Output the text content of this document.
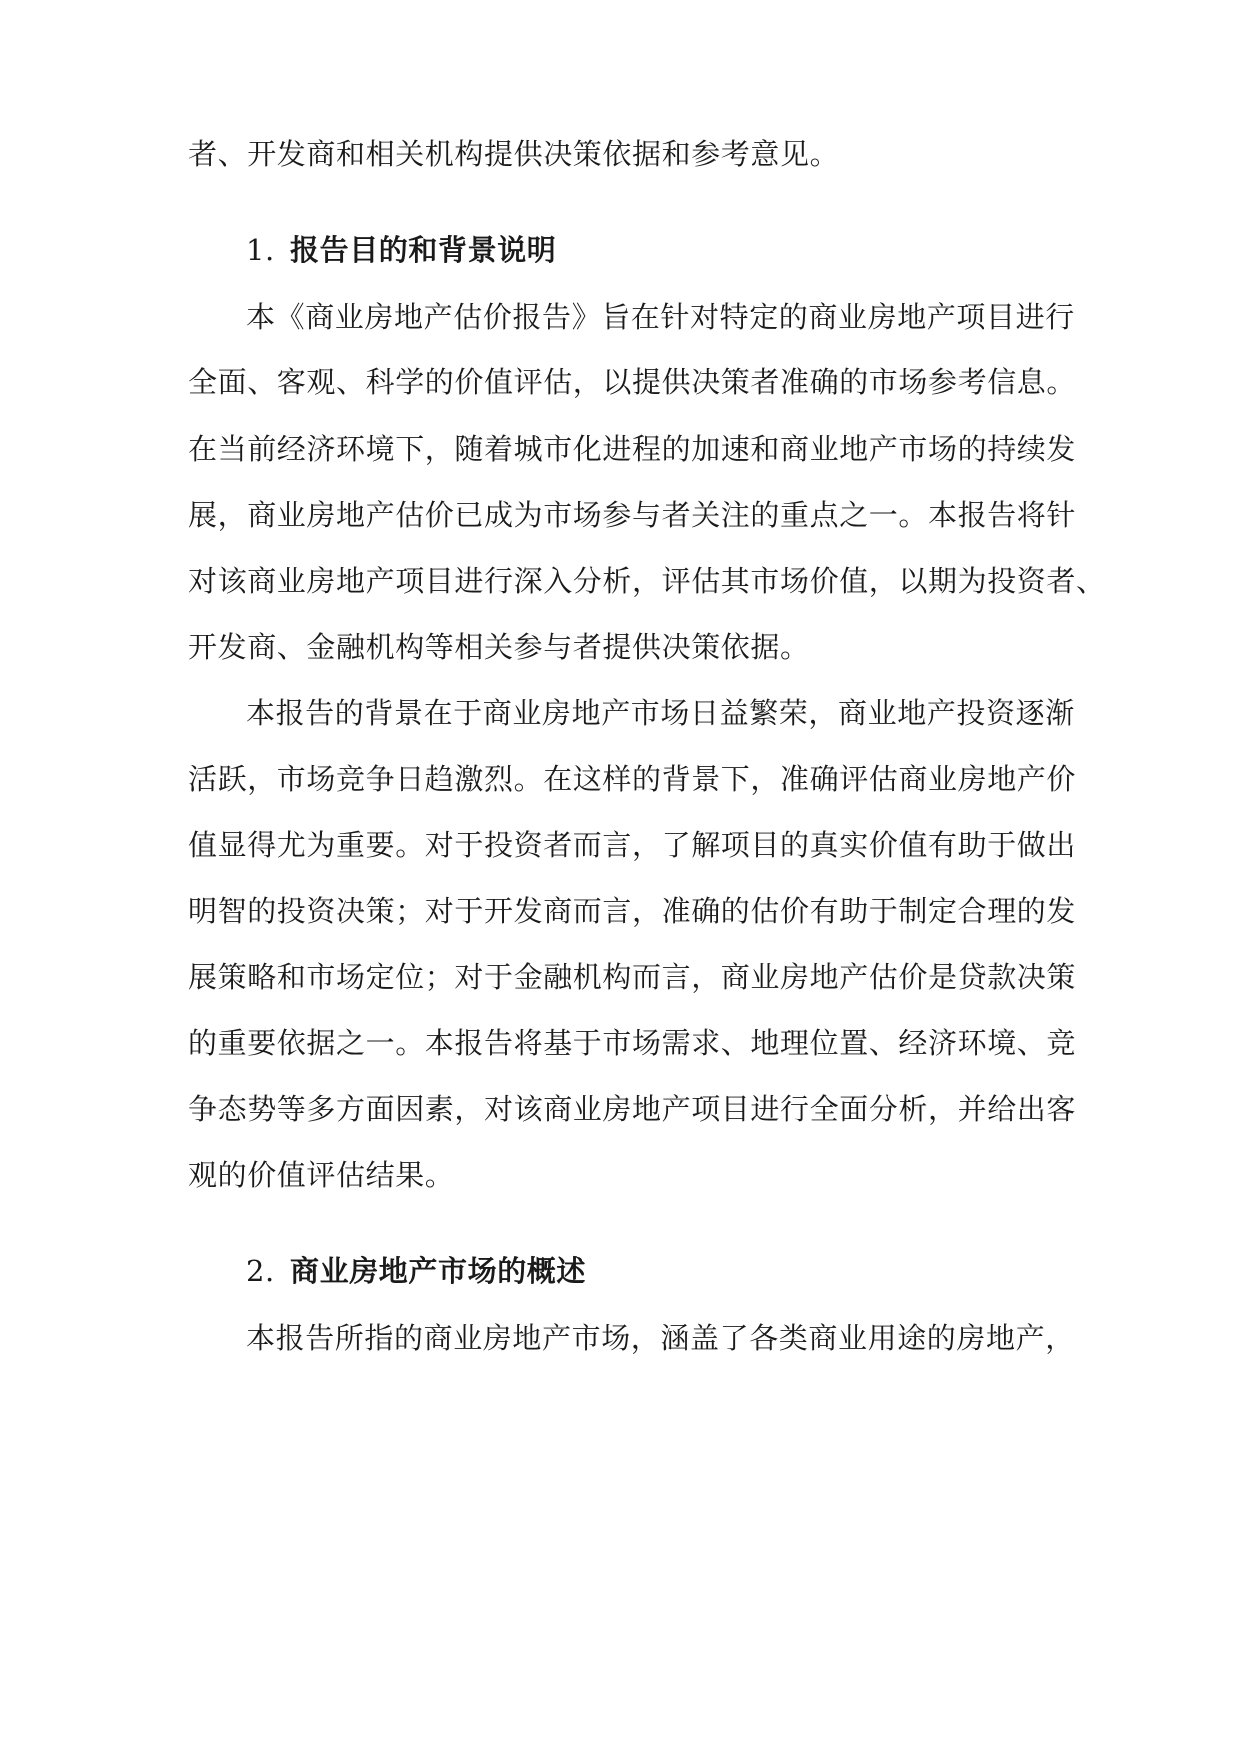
者、开发商和相关机构提供决策依据和参考意见。
1. 报告目的和背景说明
本《商业房地产估价报告》旨在针对特定的商业房地产项目进行
全面、客观、科学的价值评估，以提供决策者准确的市场参考信息。
在当前经济环境下，随着城市化进程的加速和商业地产市场的持续发
展，商业房地产估价已成为市场参与者关注的重点之一。本报告将针
对该商业房地产项目进行深入分析，评估其市场价值，以期为投资者、
开发商、金融机构等相关参与者提供决策依据。
本报告的背景在于商业房地产市场日益繁荣，商业地产投资逐渐
活跃，市场竞争日趋激烈。在这样的背景下，准确评估商业房地产价
值显得尤为重要。对于投资者而言，了解项目的真实价值有助于做出
明智的投资决策；对于开发商而言，准确的估价有助于制定合理的发
展策略和市场定位；对于金融机构而言，商业房地产估价是贷款决策
的重要依据之一。本报告将基于市场需求、地理位置、经济环境、竞
争态势等多方面因素，对该商业房地产项目进行全面分析，并给出客
观的价值评估结果。
2. 商业房地产市场的概述
本报告所指的商业房地产市场，涵盖了各类商业用途的房地产，
